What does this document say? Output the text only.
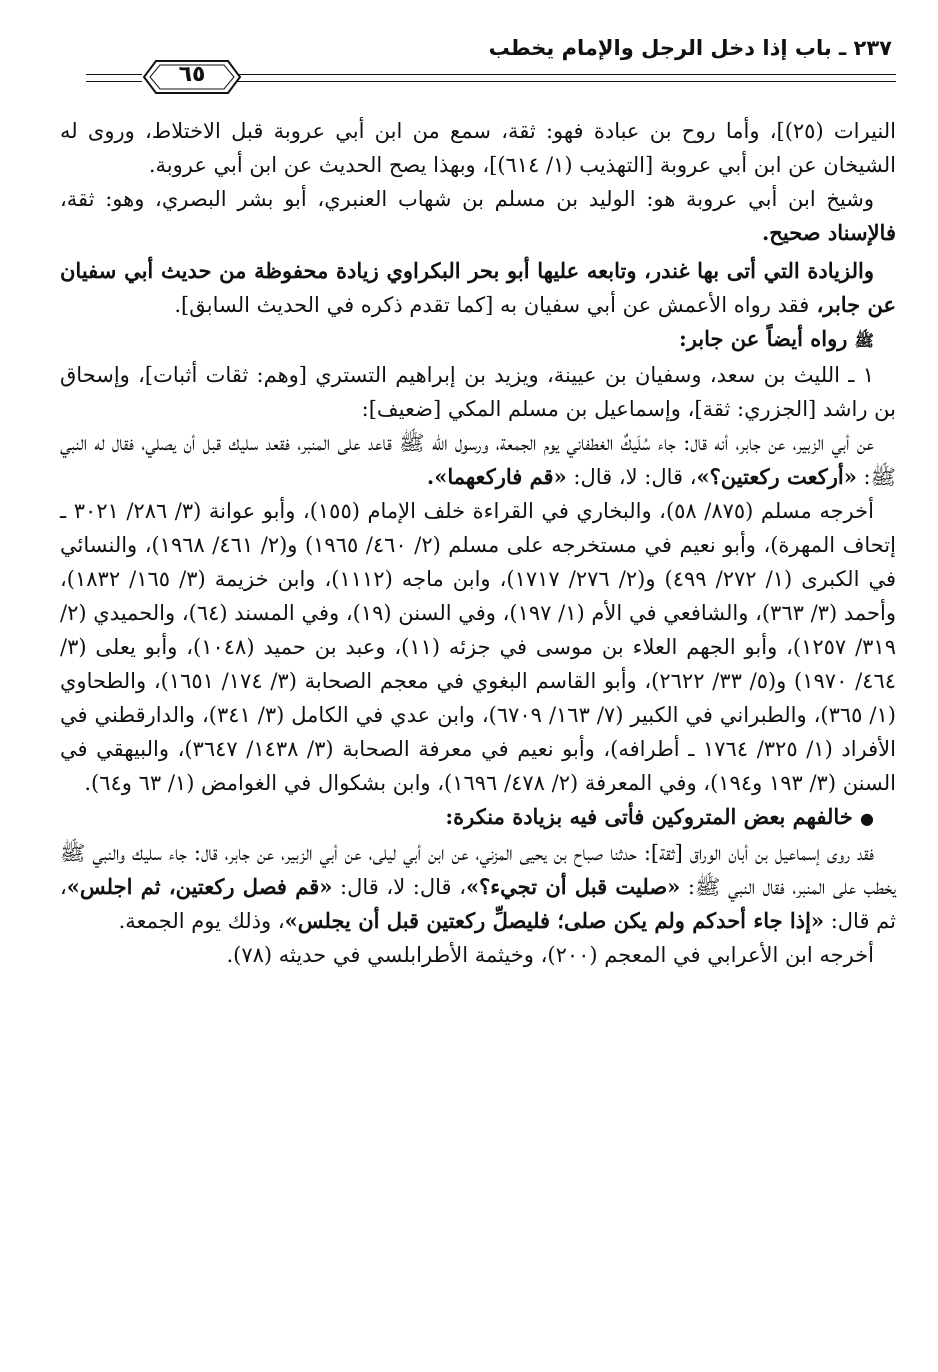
٢٣٧ ـ باب إذا دخل الرجل والإمام يخطب
٦٥

النيرات (٢٥)]، وأما روح بن عبادة فهو: ثقة، سمع من ابن أبي عروبة قبل الاختلاط، وروى له الشيخان عن ابن أبي عروبة [التهذيب (١/ ٦١٤)]، وبهذا يصح الحديث عن ابن أبي عروبة.

وشيخ ابن أبي عروبة هو: الوليد بن مسلم بن شهاب العنبري، أبو بشر البصري، وهو: ثقة، فالإسناد صحيح.

والزيادة التي أتى بها غندر، وتابعه عليها أبو بحر البكراوي زيادة محفوظة من حديث أبي سفيان عن جابر، فقد رواه الأعمش عن أبي سفيان به [كما تقدم ذكره في الحديث السابق].

ﷺ رواه أيضاً عن جابر:

١ ـ الليث بن سعد، وسفيان بن عيينة، ويزيد بن إبراهيم التستري [وهم: ثقات أثبات]، وإسحاق بن راشد [الجزري: ثقة]، وإسماعيل بن مسلم المكي [ضعيف]:

عن أبي الزبير، عن جابر، أنه قال: جاء سُلَيكٌ الغطفاني يوم الجمعة، ورسول الله ﷺ قاعد على المنبر، فقعد سليك قبل أن يصلي، فقال له النبي ﷺ: «أركعت ركعتين؟»، قال: لا، قال: «قم فاركعهما».

أخرجه مسلم (٨٧٥/ ٥٨)، والبخاري في القراءة خلف الإمام (١٥٥)، وأبو عوانة (٣/ ٢٨٦/ ٣٠٢١ ـ إتحاف المهرة)، وأبو نعيم في مستخرجه على مسلم (٢/ ٤٦٠/ ١٩٦٥) و(٢/ ٤٦١/ ١٩٦٨)، والنسائي في الكبرى (١/ ٢٧٢/ ٤٩٩) و(٢/ ٢٧٦/ ١٧١٧)، وابن ماجه (١١١٢)، وابن خزيمة (٣/ ١٦٥/ ١٨٣٢)، وأحمد (٣/ ٣٦٣)، والشافعي في الأم (١/ ١٩٧)، وفي السنن (١٩)، وفي المسند (٦٤)، والحميدي (٢/ ٣١٩/ ١٢٥٧)، وأبو الجهم العلاء بن موسى في جزئه (١١)، وعبد بن حميد (١٠٤٨)، وأبو يعلى (٣/ ٤٦٤/ ١٩٧٠) و(٥/ ٣٣/ ٢٦٢٢)، وأبو القاسم البغوي في معجم الصحابة (٣/ ١٧٤/ ١٦٥١)، والطحاوي (١/ ٣٦٥)، والطبراني في الكبير (٧/ ١٦٣/ ٦٧٠٩)، وابن عدي في الكامل (٣/ ٣٤١)، والدارقطني في الأفراد (١/ ٣٢٥/ ١٧٦٤ ـ أطرافه)، وأبو نعيم في معرفة الصحابة (٣/ ١٤٣٨/ ٣٦٤٧)، والبيهقي في السنن (٣/ ١٩٣ و١٩٤)، وفي المعرفة (٢/ ٤٧٨/ ١٦٩٦)، وابن بشكوال في الغوامض (١/ ٦٣ و٦٤).

● خالفهم بعض المتروكين فأتى فيه بزيادة منكرة:

فقد روى إسماعيل بن أبان الوراق [ثقة]: حدثنا صباح بن يحيى المزني، عن ابن أبي ليلى، عن أبي الزبير، عن جابر، قال: جاء سليك والنبي ﷺ يخطب على المنبر، فقال النبي ﷺ: «صليت قبل أن تجيء؟»، قال: لا، قال: «قم فصل ركعتين، ثم اجلس»، ثم قال: «إذا جاء أحدكم ولم يكن صلى؛ فليصلِّ ركعتين قبل أن يجلس»، وذلك يوم الجمعة.

أخرجه ابن الأعرابي في المعجم (٢٠٠)، وخيثمة الأطرابلسي في حديثه (٧٨).
